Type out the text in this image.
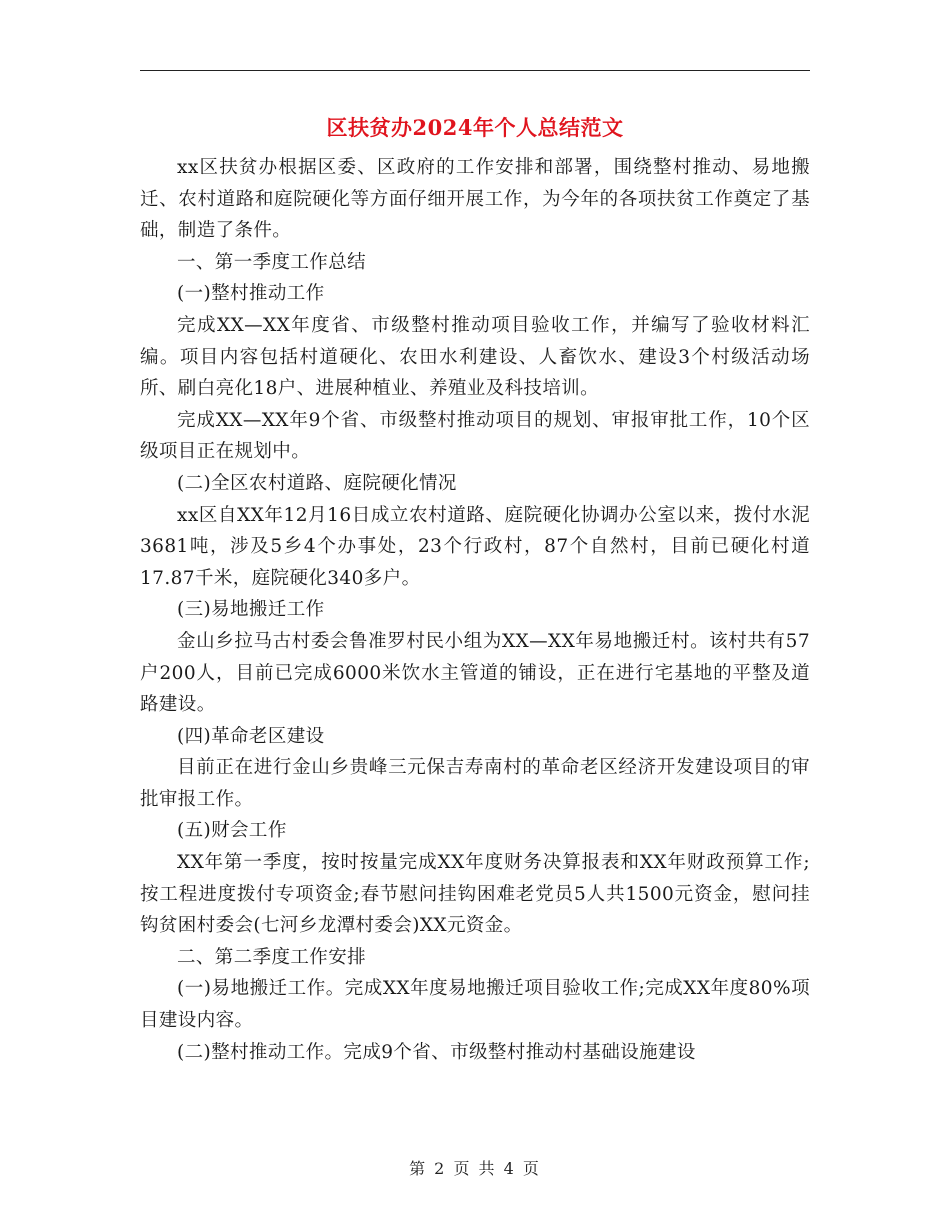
区扶贫办2024年个人总结范文

xx区扶贫办根据区委、区政府的工作安排和部署，围绕整村推动、易地搬迁、农村道路和庭院硬化等方面仔细开展工作，为今年的各项扶贫工作奠定了基础，制造了条件。

一、第一季度工作总结

(一)整村推动工作

完成XX—XX年度省、市级整村推动项目验收工作，并编写了验收材料汇编。项目内容包括村道硬化、农田水利建设、人畜饮水、建设3个村级活动场所、刷白亮化18户、进展种植业、养殖业及科技培训。

完成XX—XX年9个省、市级整村推动项目的规划、审报审批工作，10个区级项目正在规划中。

(二)全区农村道路、庭院硬化情况

xx区自XX年12月16日成立农村道路、庭院硬化协调办公室以来，拨付水泥3681吨，涉及5乡4个办事处，23个行政村，87个自然村，目前已硬化村道17.87千米，庭院硬化340多户。

(三)易地搬迁工作

金山乡拉马古村委会鲁准罗村民小组为XX—XX年易地搬迁村。该村共有57户200人，目前已完成6000米饮水主管道的铺设，正在进行宅基地的平整及道路建设。

(四)革命老区建设

目前正在进行金山乡贵峰三元保吉寿南村的革命老区经济开发建设项目的审批审报工作。

(五)财会工作

XX年第一季度，按时按量完成XX年度财务决算报表和XX年财政预算工作;按工程进度拨付专项资金;春节慰问挂钩困难老党员5人共1500元资金，慰问挂钩贫困村委会(七河乡龙潭村委会)XX元资金。

二、第二季度工作安排

(一)易地搬迁工作。完成XX年度易地搬迁项目验收工作;完成XX年度80%项目建设内容。

(二)整村推动工作。完成9个省、市级整村推动村基础设施建设

第 2 页 共 4 页
